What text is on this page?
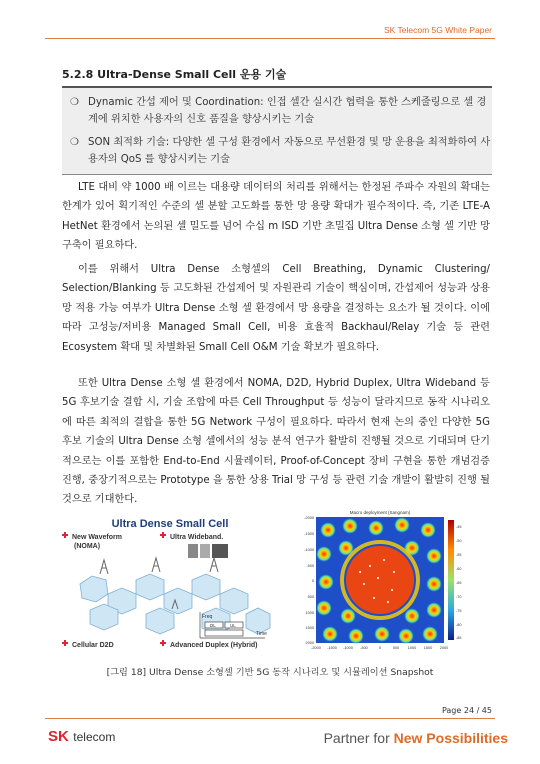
SK Telecom 5G White Paper
5.2.8 Ultra-Dense Small Cell 운용 기술
❍ Dynamic 간섭 제어 및 Coordination: 인접 셀간 실시간 협력을 통한 스케줄링으로 셀 경계에 위치한 사용자의 신호 품질을 향상시키는 기술
❍ SON 최적화 기술: 다양한 셀 구성 환경에서 자동으로 무선환경 및 망 운용을 최적화하여 사용자의 QoS 를 향상시키는 기술

LTE 대비 약 1000 배 이르는 대용량 데이터의 처리를 위해서는 한정된 주파수 자원의 확대는 한계가 있어 획기적인 수준의 셀 분할 고도화를 통한 망 용량 확대가 필수적이다. 즉, 기존 LTE-A HetNet 환경에서 논의된 셀 밀도를 넘어 수십 m ISD 기반 초밀집 Ultra Dense 소형 셀 기반 망 구축이 필요하다.

이를 위해서 Ultra Dense 소형셀의 Cell Breathing, Dynamic Clustering/ Selection/Blanking 등 고도화된 간섭제어 및 자원관리 기술이 핵심이며, 간섭제어 성능과 상용망 적용 가능 여부가 Ultra Dense 소형 셀 환경에서 망 용량을 결정하는 요소가 될 것이다. 이에 따라 고성능/저비용 Managed Small Cell, 비용 효율적 Backhaul/Relay 기술 등 관련 Ecosystem 확대 및 차별화된 Small Cell O&M 기술 확보가 필요하다.

또한 Ultra Dense 소형 셀 환경에서 NOMA, D2D, Hybrid Duplex, Ultra Wideband 등 5G 후보기술 결합 시, 기술 조합에 따른 Cell Throughput 등 성능이 달라지므로 동작 시나리오에 따른 최적의 결합을 통한 5G Network 구성이 필요하다. 따라서 현재 논의 중인 다양한 5G 후보 기술의 Ultra Dense 소형 셀에서의 성능 분석 연구가 활발히 진행될 것으로 기대되며 단기적으로는 이를 포함한 End-to-End 시뮬레이터, Proof-of-Concept 장비 구현을 통한 개념검증 진행, 중장기적으로는 Prototype 을 통한 상용 Trial 망 구성 등 관련 기술 개발이 활발히 진행 될 것으로 기대한다.

Ultra Dense Small Cell
New Waveform
(NOMA)
Ultra Wideband.
Cellular D2D	Advanced Duplex (Hybrid)
Freq
Time
DL	UL
Macro deployment (Sangnam)
-2000
-1500
-1000
-500
0
500
1000
1500
2000
-2000 -1500 -1000 -500	0	500 1000 1500 2000
-45
-50
-55
-60
-65
-70
-75
-80
-85
[그림 18] Ultra Dense 소형셀 기반 5G 동작 시나리오 및 시뮬레이션 Snapshot
Page 24 / 45
SK telecom	Partner for New Possibilities
